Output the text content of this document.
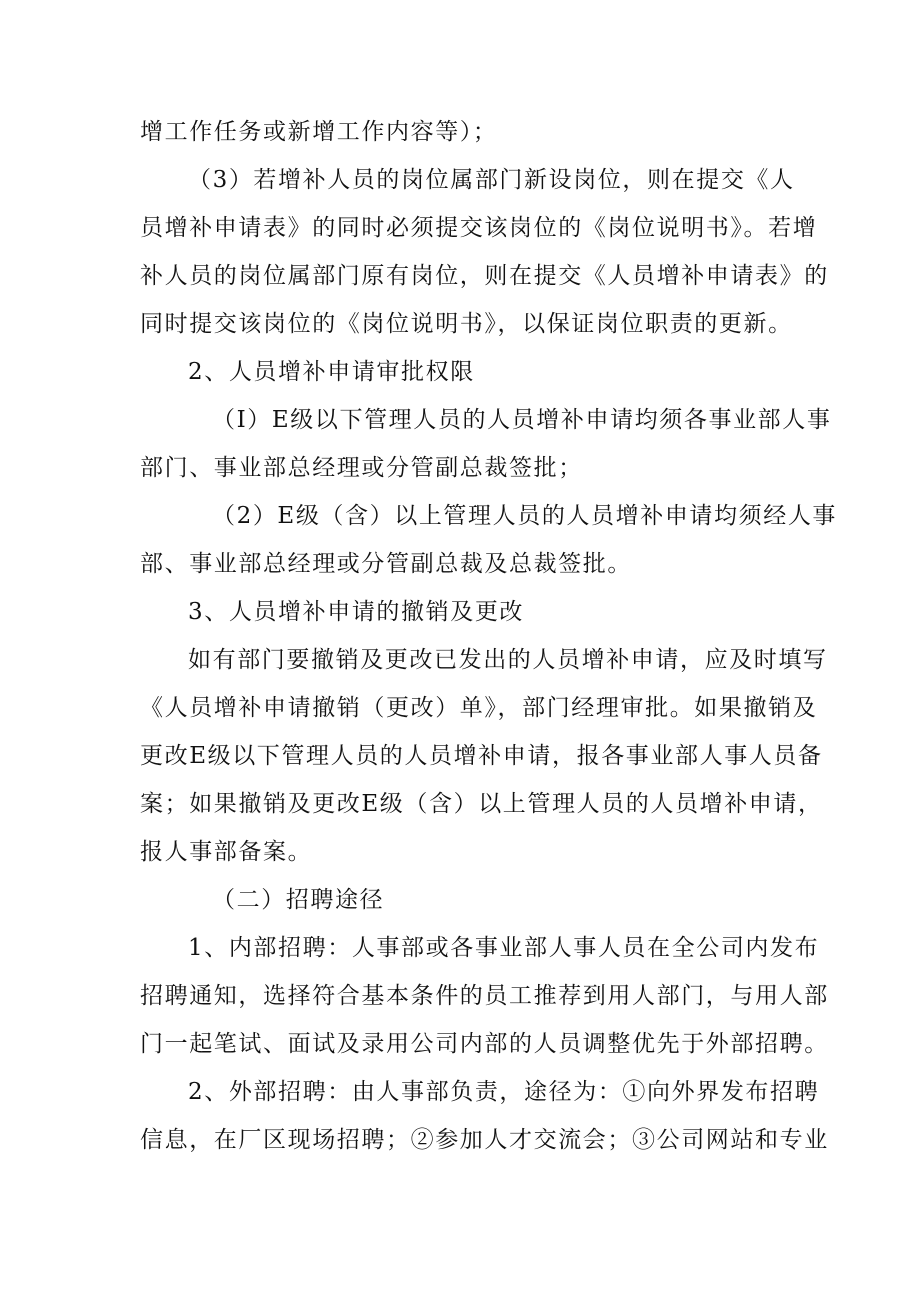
增工作任务或新增工作内容等）；
（3）若增补人员的岗位属部门新设岗位，则在提交《人
员增补申请表》的同时必须提交该岗位的《岗位说明书》。若增
补人员的岗位属部门原有岗位，则在提交《人员增补申请表》的
同时提交该岗位的《岗位说明书》，以保证岗位职责的更新。
2、人员增补申请审批权限
（I）E级以下管理人员的人员增补申请均须各事业部人事
部门、事业部总经理或分管副总裁签批；
（2）E级（含）以上管理人员的人员增补申请均须经人事
部、事业部总经理或分管副总裁及总裁签批。
3、人员增补申请的撤销及更改
如有部门要撤销及更改已发出的人员增补申请，应及时填写
《人员增补申请撤销（更改）单》，部门经理审批。如果撤销及
更改E级以下管理人员的人员增补申请，报各事业部人事人员备
案；如果撤销及更改E级（含）以上管理人员的人员增补申请，
报人事部备案。
（二）招聘途径
1、内部招聘：人事部或各事业部人事人员在全公司内发布
招聘通知，选择符合基本条件的员工推荐到用人部门，与用人部
门一起笔试、面试及录用公司内部的人员调整优先于外部招聘。
2、外部招聘：由人事部负责，途径为：①向外界发布招聘
信息，在厂区现场招聘；②参加人才交流会；③公司网站和专业
